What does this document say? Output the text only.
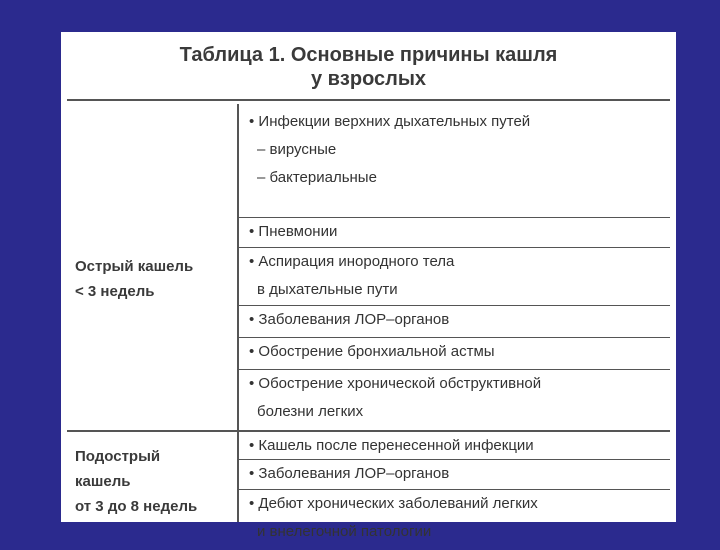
Таблица 1. Основные причины кашля
у взрослых
Острый кашель
< 3 недель
• Инфекции верхних дыхательных путей
– вирусные
– бактериальные
• Пневмонии
• Аспирация инородного тела
в дыхательные пути
• Заболевания ЛОР–органов
• Обострение бронхиальной астмы
• Обострение хронической обструктивной
болезни легких
Подострый
кашель
от 3 до 8 недель
• Кашель после перенесенной инфекции
• Заболевания ЛОР–органов
• Дебют хронических заболеваний легких
и внелегочной патологии
